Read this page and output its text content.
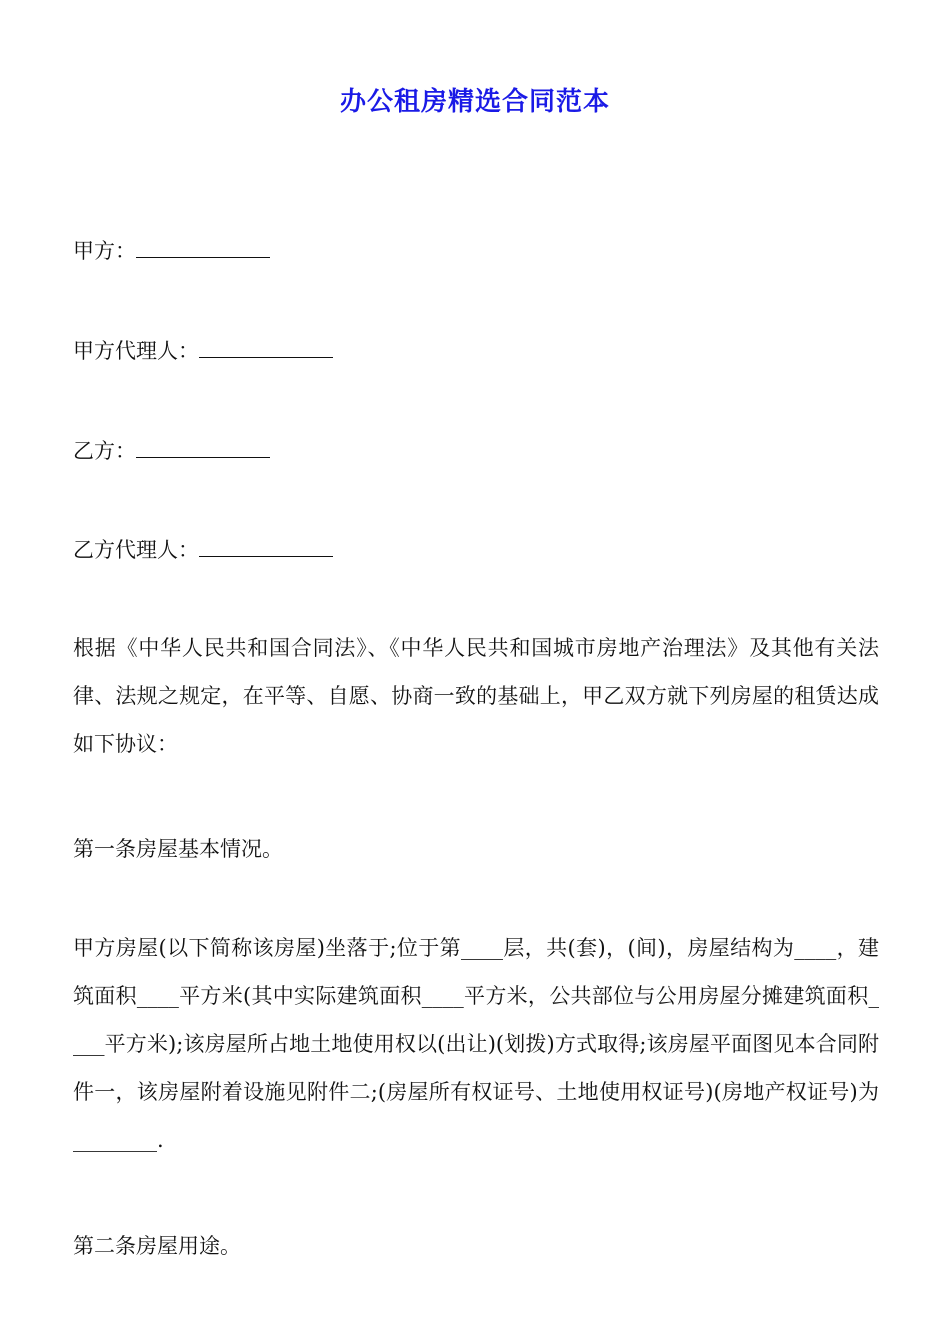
办公租房精选合同范本
甲方：
甲方代理人：
乙方：
乙方代理人：
根据《中华人民共和国合同法》、《中华人民共和国城市房地产治理法》及其他有关法律、法规之规定，在平等、自愿、协商一致的基础上，甲乙双方就下列房屋的租赁达成如下协议：
第一条房屋基本情况。
甲方房屋(以下简称该房屋)坐落于;位于第____层，共(套)，(间)，房屋结构为____，建筑面积____平方米(其中实际建筑面积____平方米，公共部位与公用房屋分摊建筑面积____平方米);该房屋所占地土地使用权以(出让)(划拨)方式取得;该房屋平面图见本合同附件一，该房屋附着设施见附件二;(房屋所有权证号、土地使用权证号)(房地产权证号)为________.
第二条房屋用途。
